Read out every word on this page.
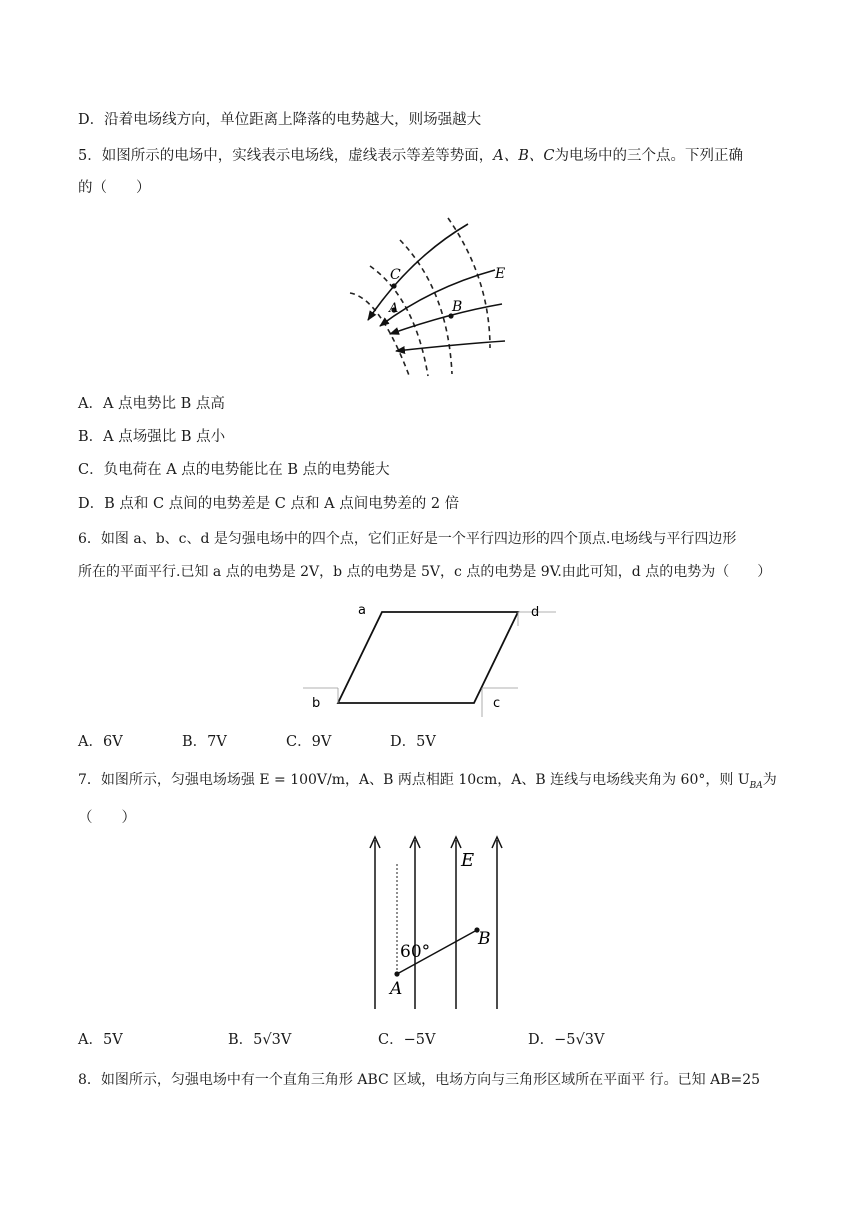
D．沿着电场线方向，单位距离上降落的电势越大，则场强越大
5．如图所示的电场中，实线表示电场线，虚线表示等差等势面，A、B、C为电场中的三个点。下列正确
的（　　）
C
A	B
E
A．A 点电势比 B 点高
B．A 点场强比 B 点小
C．负电荷在 A 点的电势能比在 B 点的电势能大
D．B 点和 C 点间的电势差是 C 点和 A 点间电势差的 2 倍
6．如图 a、b、c、d 是匀强电场中的四个点，它们正好是一个平行四边形的四个顶点.电场线与平行四边形
所在的平面平行.已知 a 点的电势是 2V，b 点的电势是 5V，c 点的电势是 9V.由此可知，d 点的电势为（　　）
a	d
b	c
A．6V	B．7V	C．9V	D．5V
7．如图所示，匀强电场场强 E = 100V/m，A、B 两点相距 10cm，A、B 连线与电场线夹角为 60°，则 $U_{BA}$为
（　　）
E
60°
A
B
A．5V	B．5√3V	C．−5V	D．−5√3V
8．如图所示，匀强电场中有一个直角三角形 ABC 区域，电场方向与三角形区域所在平面平 行。已知 AB=25
